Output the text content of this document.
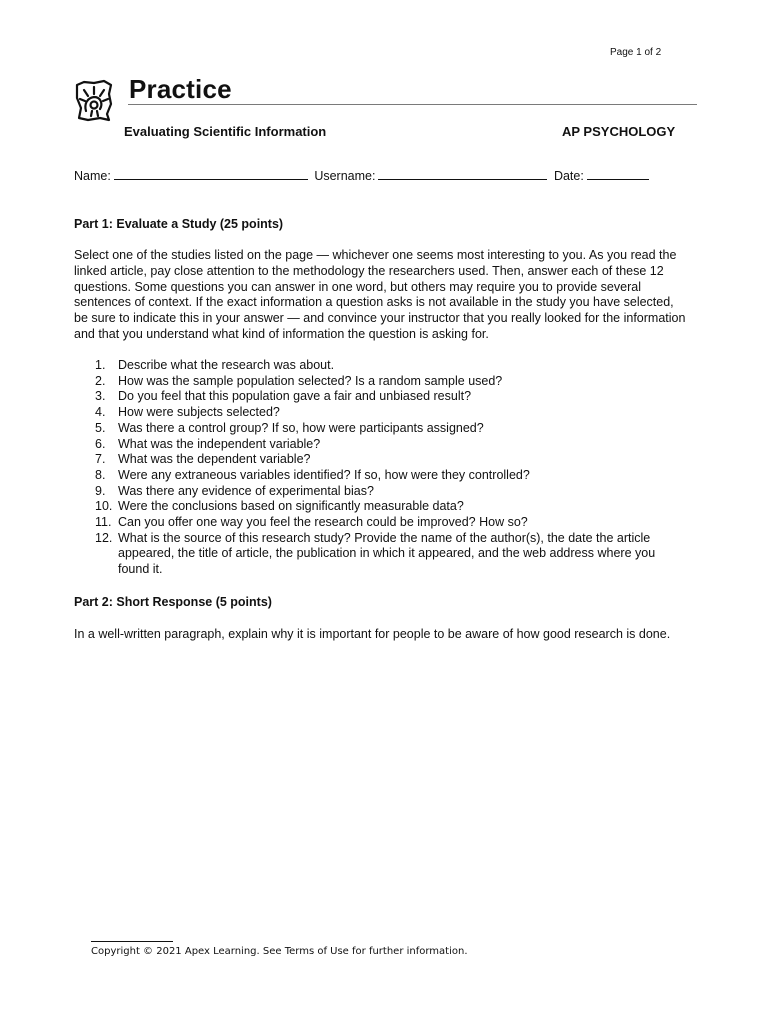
Page 1 of 2
Practice
Evaluating Scientific Information	AP PSYCHOLOGY
Name:	Username:	Date:
Part 1: Evaluate a Study (25 points)
Select one of the studies listed on the page — whichever one seems most interesting to you. As you read the linked article, pay close attention to the methodology the researchers used. Then, answer each of these 12 questions. Some questions you can answer in one word, but others may require you to provide several sentences of context. If the exact information a question asks is not available in the study you have selected, be sure to indicate this in your answer — and convince your instructor that you really looked for the information and that you understand what kind of information the question is asking for.
1. Describe what the research was about.
2. How was the sample population selected? Is a random sample used?
3. Do you feel that this population gave a fair and unbiased result?
4. How were subjects selected?
5. Was there a control group? If so, how were participants assigned?
6. What was the independent variable?
7. What was the dependent variable?
8. Were any extraneous variables identified? If so, how were they controlled?
9. Was there any evidence of experimental bias?
10. Were the conclusions based on significantly measurable data?
11. Can you offer one way you feel the research could be improved? How so?
12. What is the source of this research study? Provide the name of the author(s), the date the article appeared, the title of article, the publication in which it appeared, and the web address where you found it.
Part 2: Short Response (5 points)
In a well-written paragraph, explain why it is important for people to be aware of how good research is done.
Copyright © 2021 Apex Learning. See Terms of Use for further information.
